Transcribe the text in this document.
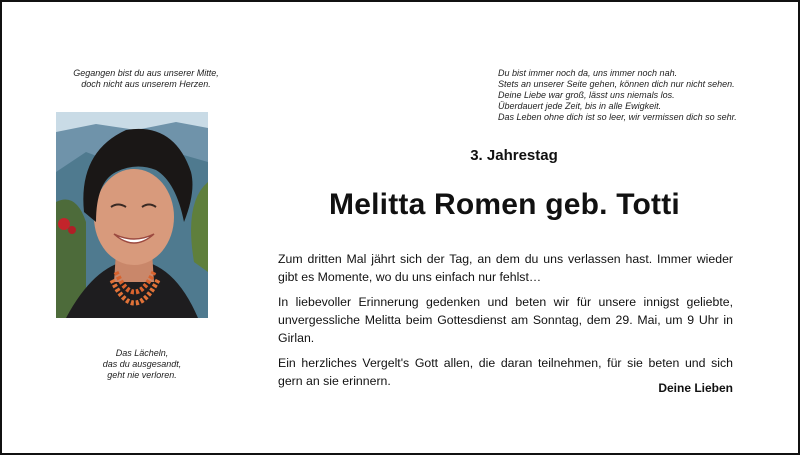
Gegangen bist du aus unserer Mitte,
doch nicht aus unserem Herzen.
Du bist immer noch da, uns immer noch nah.
Stets an unserer Seite gehen, können dich nur nicht sehen.
Deine Liebe war groß, lässt uns niemals los.
Überdauert jede Zeit, bis in alle Ewigkeit.
Das Leben ohne dich ist so leer, wir vermissen dich so sehr.
Das Lächeln,
das du ausgesandt,
geht nie verloren.
3. Jahrestag
Melitta Romen geb. Totti

Zum dritten Mal jährt sich der Tag, an dem du uns verlassen hast. Immer wieder gibt es Momente, wo du uns einfach nur fehlst…

In liebevoller Erinnerung gedenken und beten wir für unsere innigst geliebte, unvergessliche Melitta beim Gottesdienst am Sonntag, dem 29. Mai, um 9 Uhr in Girlan.

Ein herzliches Vergelt's Gott allen, die daran teilnehmen, für sie beten und sich gern an sie erinnern.	Deine Lieben
